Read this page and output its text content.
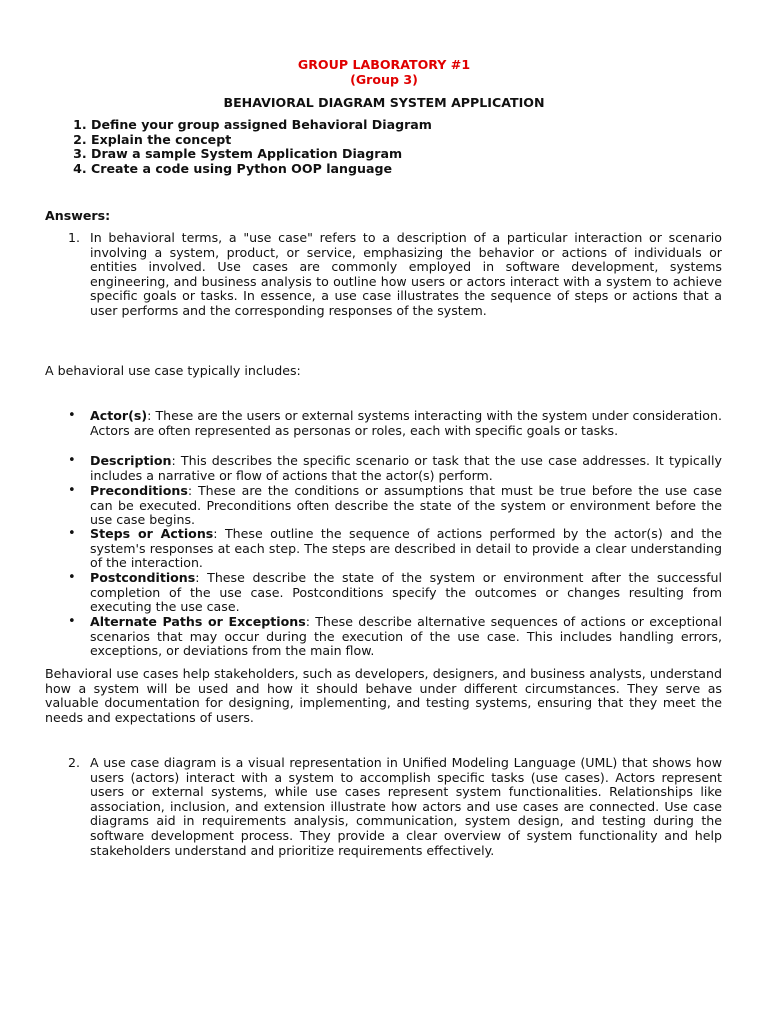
GROUP LABORATORY #1
(Group 3)
BEHAVIORAL DIAGRAM SYSTEM APPLICATION
1. Define your group assigned Behavioral Diagram
2. Explain the concept
3. Draw a sample System Application Diagram
4. Create a code using Python OOP language
Answers:
1. In behavioral terms, a "use case" refers to a description of a particular interaction or scenario involving a system, product, or service, emphasizing the behavior or actions of individuals or entities involved. Use cases are commonly employed in software development, systems engineering, and business analysis to outline how users or actors interact with a system to achieve specific goals or tasks. In essence, a use case illustrates the sequence of steps or actions that a user performs and the corresponding responses of the system.
A behavioral use case typically includes:
• Actor(s): These are the users or external systems interacting with the system under consideration. Actors are often represented as personas or roles, each with specific goals or tasks.
• Description: This describes the specific scenario or task that the use case addresses. It typically includes a narrative or flow of actions that the actor(s) perform.
• Preconditions: These are the conditions or assumptions that must be true before the use case can be executed. Preconditions often describe the state of the system or environment before the use case begins.
• Steps or Actions: These outline the sequence of actions performed by the actor(s) and the system's responses at each step. The steps are described in detail to provide a clear understanding of the interaction.
• Postconditions: These describe the state of the system or environment after the successful completion of the use case. Postconditions specify the outcomes or changes resulting from executing the use case.
• Alternate Paths or Exceptions: These describe alternative sequences of actions or exceptional scenarios that may occur during the execution of the use case. This includes handling errors, exceptions, or deviations from the main flow.
Behavioral use cases help stakeholders, such as developers, designers, and business analysts, understand how a system will be used and how it should behave under different circumstances. They serve as valuable documentation for designing, implementing, and testing systems, ensuring that they meet the needs and expectations of users.
2. A use case diagram is a visual representation in Unified Modeling Language (UML) that shows how users (actors) interact with a system to accomplish specific tasks (use cases). Actors represent users or external systems, while use cases represent system functionalities. Relationships like association, inclusion, and extension illustrate how actors and use cases are connected. Use case diagrams aid in requirements analysis, communication, system design, and testing during the software development process. They provide a clear overview of system functionality and help stakeholders understand and prioritize requirements effectively.
